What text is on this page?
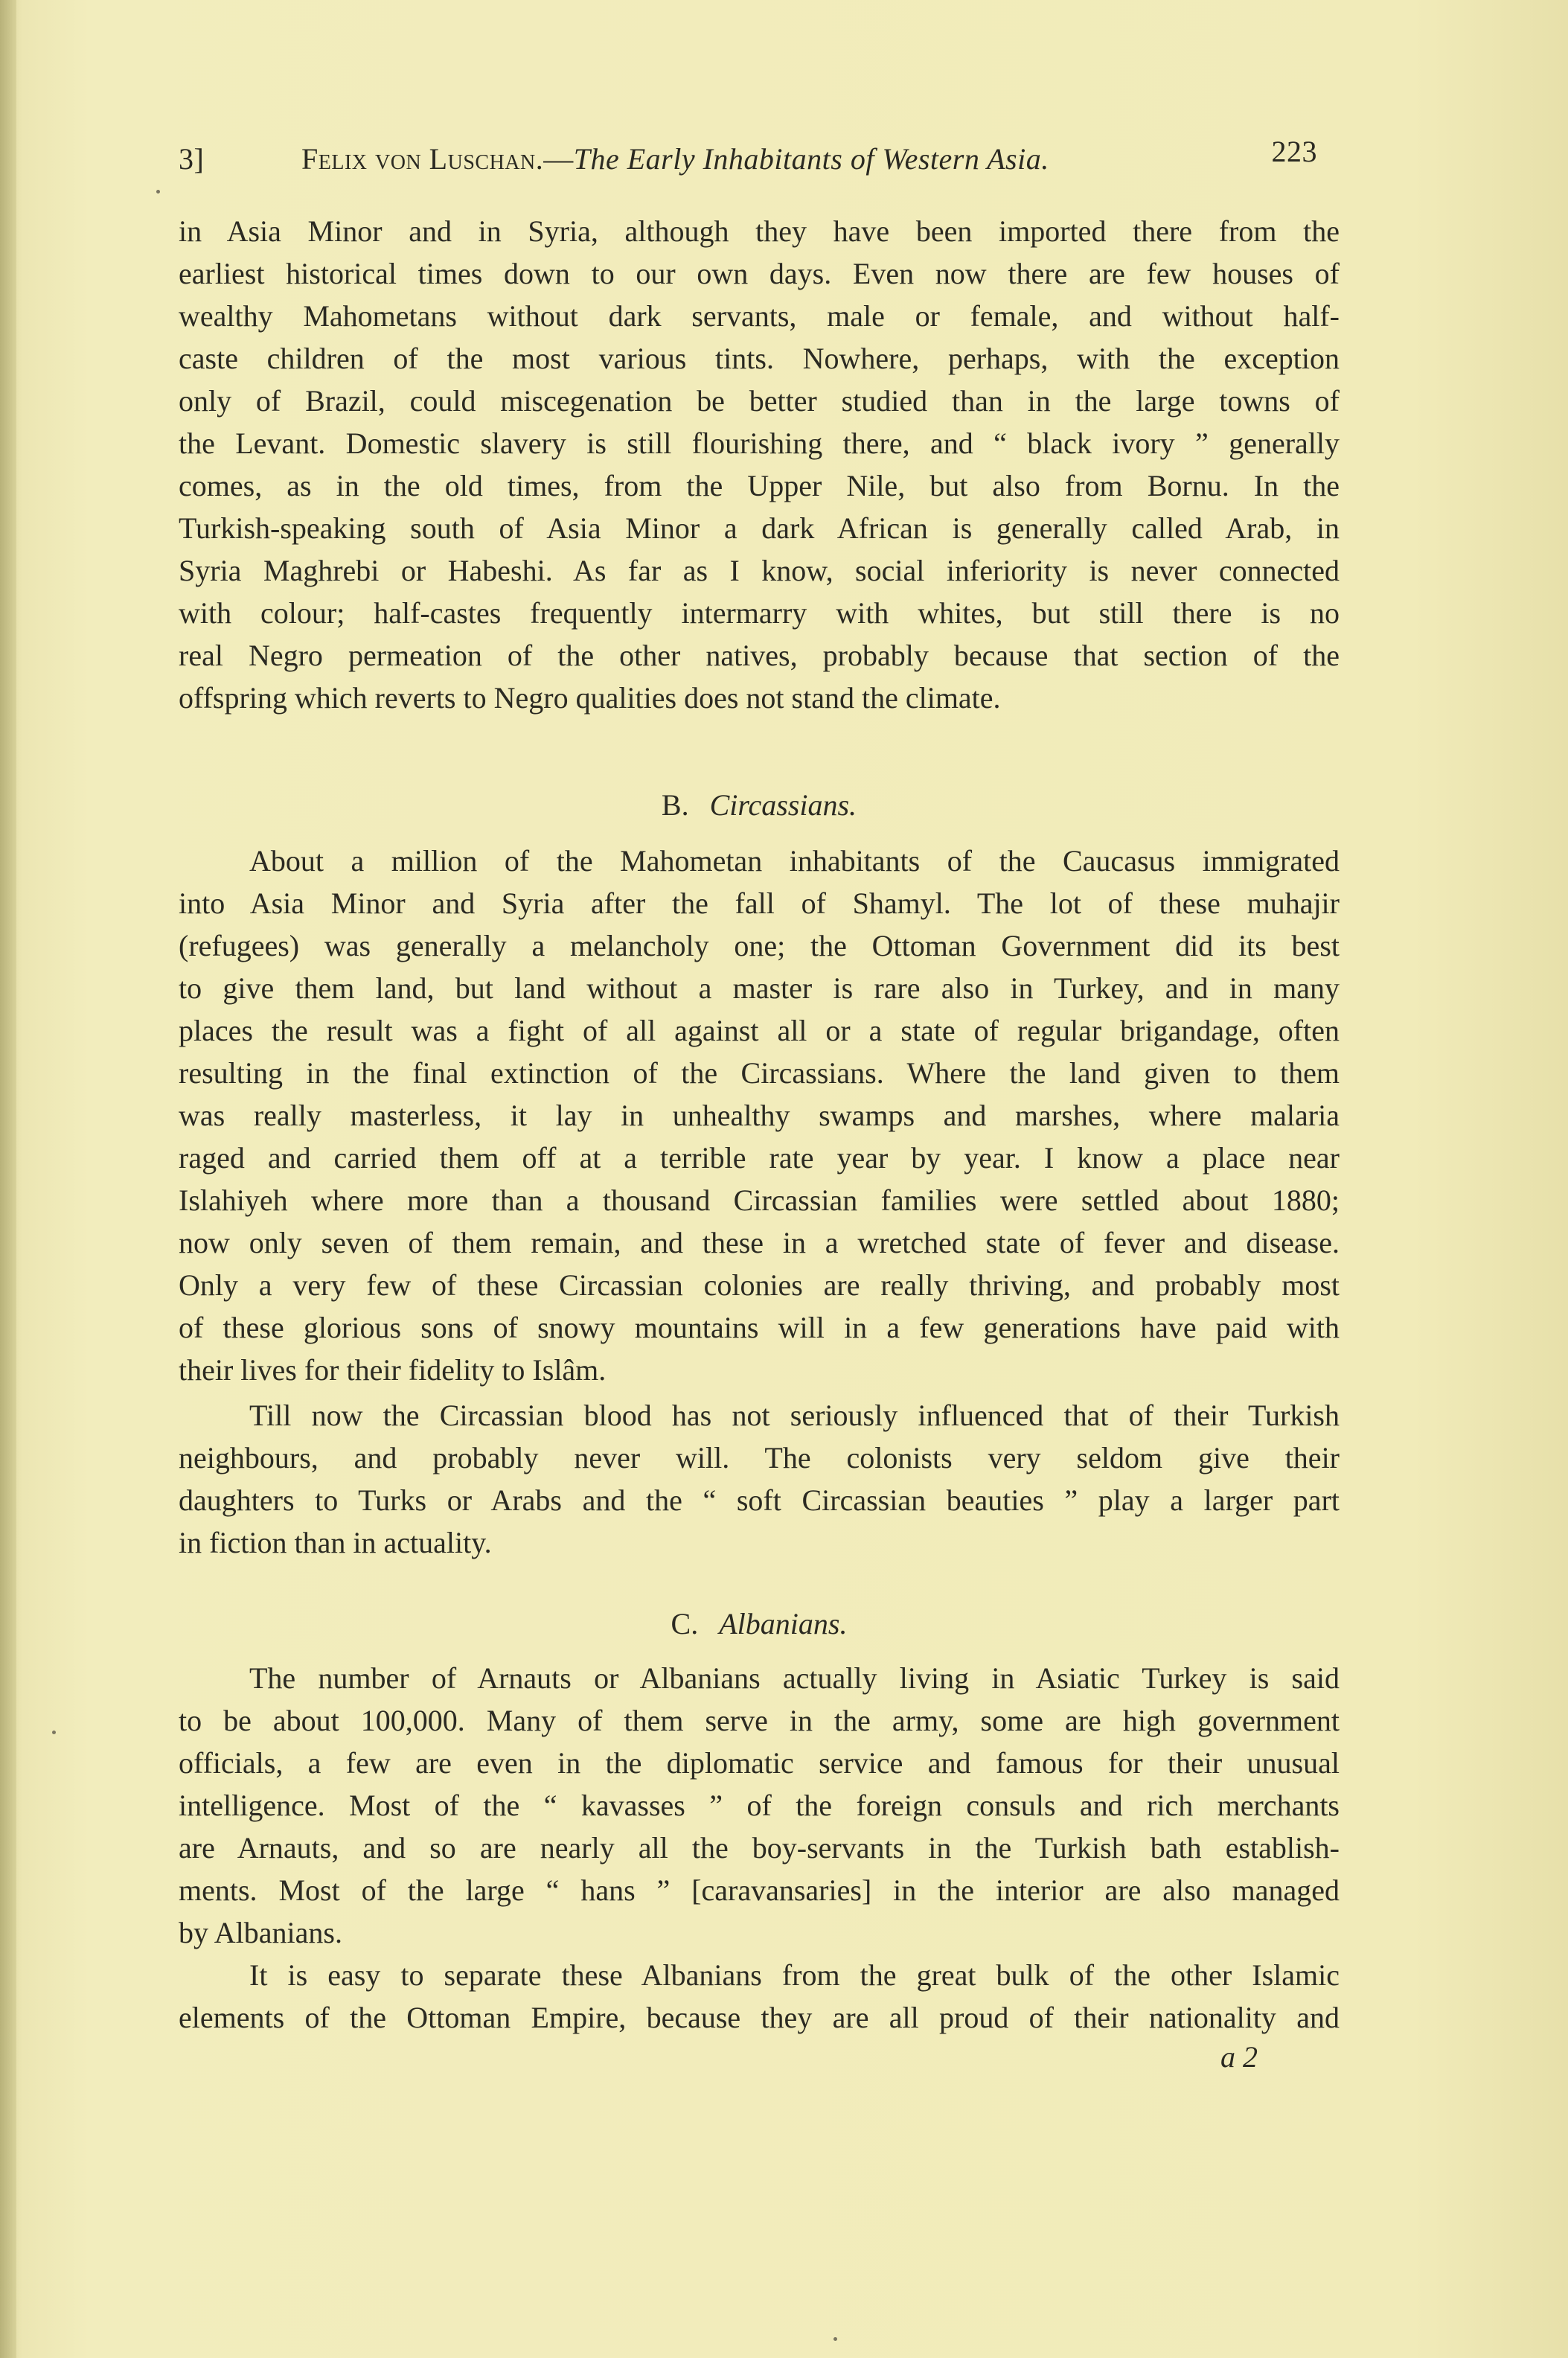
3]	Felix von Luschan.—The Early Inhabitants of Western Asia.	223
in Asia Minor and in Syria, although they have been imported there from the
earliest historical times down to our own days. Even now there are few houses of
wealthy Mahometans without dark servants, male or female, and without half-
caste children of the most various tints. Nowhere, perhaps, with the exception
only of Brazil, could miscegenation be better studied than in the large towns of
the Levant. Domestic slavery is still flourishing there, and “ black ivory ” generally
comes, as in the old times, from the Upper Nile, but also from Bornu. In the
Turkish-speaking south of Asia Minor a dark African is generally called Arab, in
Syria Maghrebi or Habeshi. As far as I know, social inferiority is never connected
with colour; half-castes frequently intermarry with whites, but still there is no
real Negro permeation of the other natives, probably because that section of the
offspring which reverts to Negro qualities does not stand the climate.
B. Circassians.
About a million of the Mahometan inhabitants of the Caucasus immigrated
into Asia Minor and Syria after the fall of Shamyl. The lot of these muhajir
(refugees) was generally a melancholy one; the Ottoman Government did its best
to give them land, but land without a master is rare also in Turkey, and in many
places the result was a fight of all against all or a state of regular brigandage, often
resulting in the final extinction of the Circassians. Where the land given to them
was really masterless, it lay in unhealthy swamps and marshes, where malaria
raged and carried them off at a terrible rate year by year. I know a place near
Islahiyeh where more than a thousand Circassian families were settled about 1880;
now only seven of them remain, and these in a wretched state of fever and disease.
Only a very few of these Circassian colonies are really thriving, and probably most
of these glorious sons of snowy mountains will in a few generations have paid with
their lives for their fidelity to Islâm.
Till now the Circassian blood has not seriously influenced that of their Turkish
neighbours, and probably never will. The colonists very seldom give their
daughters to Turks or Arabs and the “ soft Circassian beauties ” play a larger part
in fiction than in actuality.
C. Albanians.
The number of Arnauts or Albanians actually living in Asiatic Turkey is said
to be about 100,000. Many of them serve in the army, some are high government
officials, a few are even in the diplomatic service and famous for their unusual
intelligence. Most of the “ kavasses ” of the foreign consuls and rich merchants
are Arnauts, and so are nearly all the boy-servants in the Turkish bath establish-
ments. Most of the large “ hans ” [caravansaries] in the interior are also managed
by Albanians.
It is easy to separate these Albanians from the great bulk of the other Islamic
elements of the Ottoman Empire, because they are all proud of their nationality and
a 2
